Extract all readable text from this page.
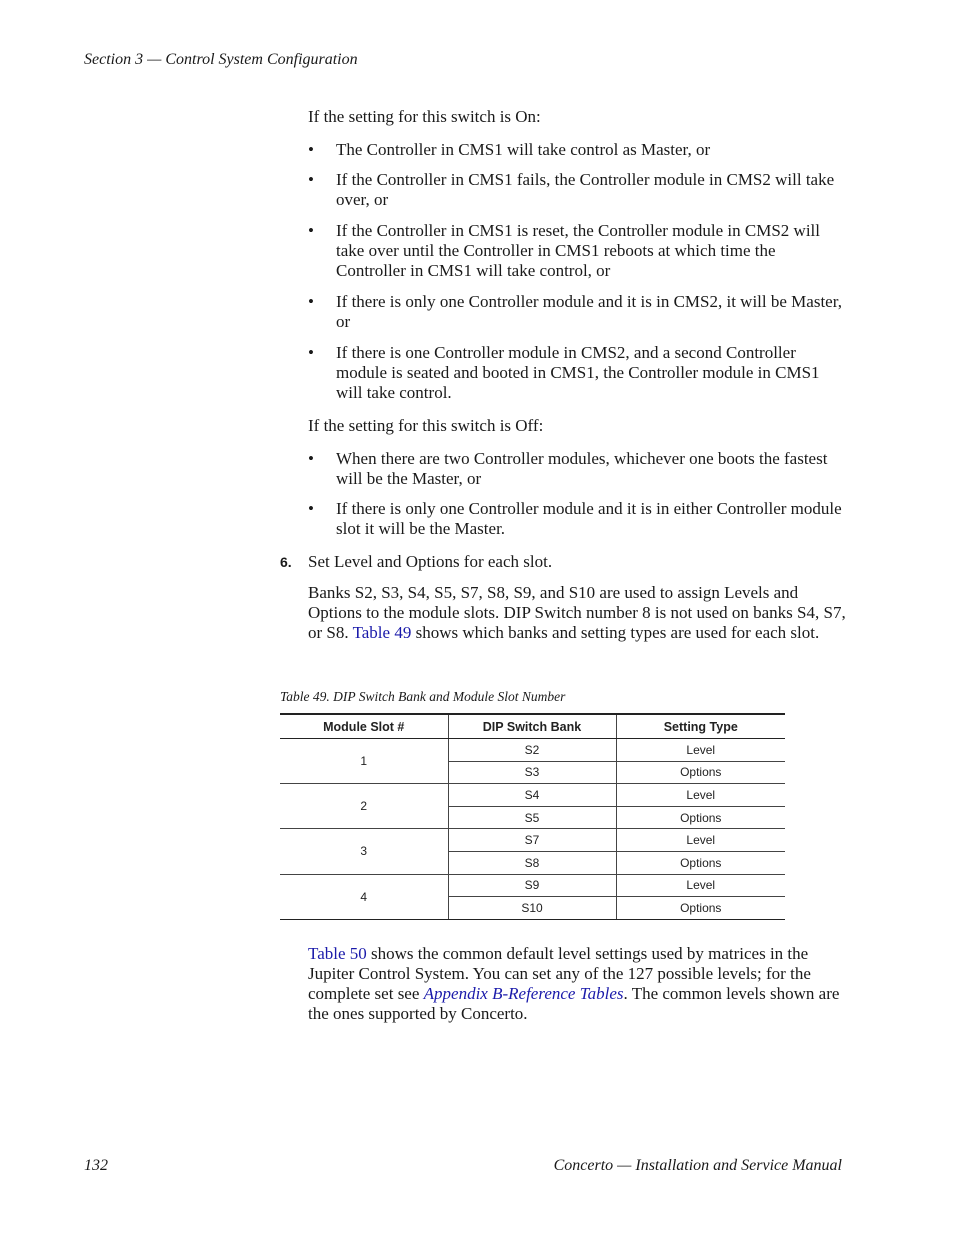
Section 3 — Control System Configuration
If the setting for this switch is On:
• The Controller in CMS1 will take control as Master, or
• If the Controller in CMS1 fails, the Controller module in CMS2 will take over, or
• If the Controller in CMS1 is reset, the Controller module in CMS2 will take over until the Controller in CMS1 reboots at which time the Controller in CMS1 will take control, or
• If there is only one Controller module and it is in CMS2, it will be Master, or
• If there is one Controller module in CMS2, and a second Controller module is seated and booted in CMS1, the Controller module in CMS1 will take control.
If the setting for this switch is Off:
• When there are two Controller modules, whichever one boots the fastest will be the Master, or
• If there is only one Controller module and it is in either Controller module slot it will be the Master.
6. Set Level and Options for each slot.
Banks S2, S3, S4, S5, S7, S8, S9, and S10 are used to assign Levels and Options to the module slots. DIP Switch number 8 is not used on banks S4, S7, or S8. Table 49 shows which banks and setting types are used for each slot.
Table 49. DIP Switch Bank and Module Slot Number
Module Slot #	DIP Switch Bank	Setting Type
1	S2	Level
	S3	Options
2	S4	Level
	S5	Options
3	S7	Level
	S8	Options
4	S9	Level
	S10	Options
Table 50 shows the common default level settings used by matrices in the Jupiter Control System. You can set any of the 127 possible levels; for the complete set see Appendix B-Reference Tables. The common levels shown are the ones supported by Concerto.
132	Concerto — Installation and Service Manual
